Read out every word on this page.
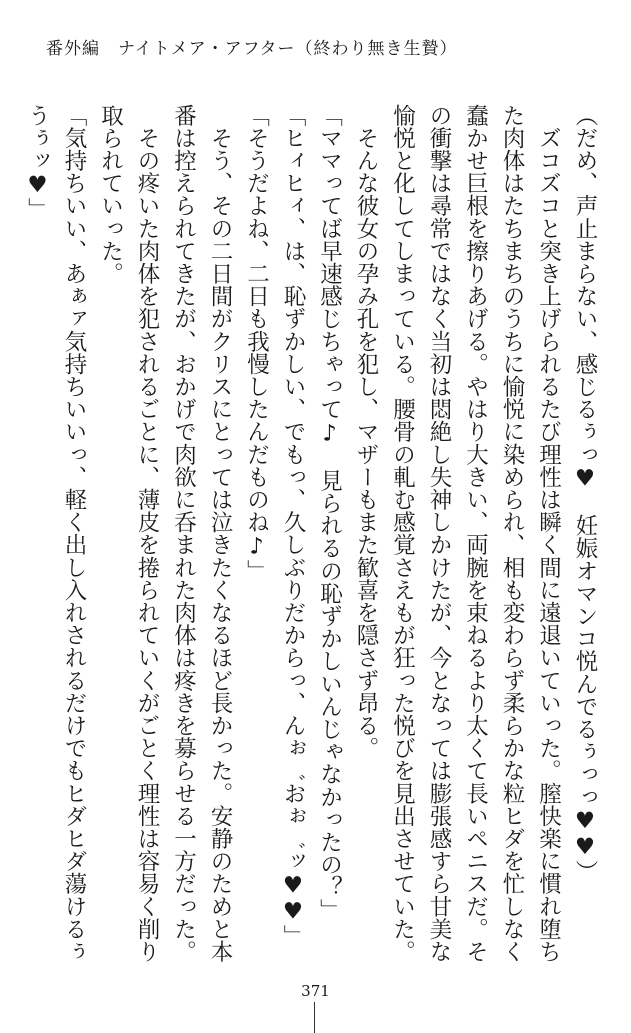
番外編　ナイトメア・アフター（終わり無き生贄）

（だめ、声止まらない、感じるぅっ♥　妊娠オマンコ悦んでるぅっっ♥♥）

　ズコズコと突き上げられるたび理性は瞬く間に遠退いていった。膣快楽に慣れ堕ちた肉体はたちまちのうちに愉悦に染められ、相も変わらず柔らかな粒ヒダを忙しなく蠢かせ巨根を擦りあげる。やはり大きい、両腕を束ねるより太くて長いペニスだ。その衝撃は尋常ではなく当初は悶絶し失神しかけたが、今となっては膨張感すら甘美な愉悦と化してしまっている。腰骨の軋む感覚さえもが狂った悦びを見出させていた。

　そんな彼女の孕み孔を犯し、マザーもまた歓喜を隠さず昂る。

「ママってば早速感じちゃって♪　見られるの恥ずかしいんじゃなかったの？」

「ヒィヒィ、は、恥ずかしい、でもっ、久しぶりだからっ、んぉ゛おぉ゛ッ♥♥」

「そうだよね、二日も我慢したんだものね♪」

　そう、その二日間がクリスにとっては泣きたくなるほど長かった。安静のためと本番は控えられてきたが、おかげで肉欲に呑まれた肉体は疼きを募らせる一方だった。

　その疼いた肉体を犯されるごとに、薄皮を捲られていくがごとく理性は容易く削り取られていった。

「気持ちいい、あぁァ気持ちいいっ、軽く出し入れされるだけでもヒダヒダ蕩けるぅうぅッ♥」

371
